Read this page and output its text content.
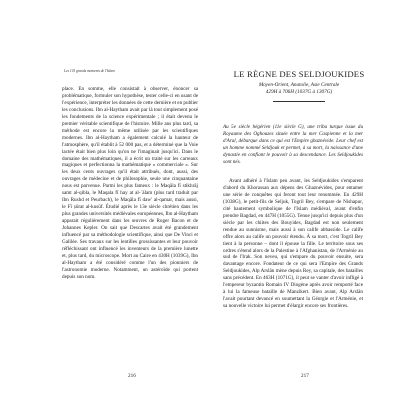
Les 101 grands moments de l'Islam

place. En somme, elle consistait à observer, énoncer sa problématique, formuler son hypothèse, tester celle-ci en usant de l'expérience, interpréter les données de cette dernière et en publier les conclusions. Ibn al-Haytham avait par là tout simplement posé les fondements de la science expérimentale ; il était devenu le premier véritable scientifique de l'histoire. Mille ans plus tard, sa méthode est encore la même utilisée par les scientifiques modernes. Ibn al-Haytham a également calculé la hauteur de l'atmosphère, qu'il établit à 52 000 pas, et a déterminé que la Voie lactée était bien plus loin qu'on ne l'imaginait jusqu'ici. Dans le domaine des mathématiques, il a écrit un traité sur les carreaux magiques et perfectionna la mathématique « commerciale ». Sur les deux cents ouvrages qu'il était attribués, dont, aussi, des ouvrages de médecine et de philosophie, seule une cinquantaine nous est parvenue. Parmi les plus fameux : le Maqāla fī stikhrāj samt al-qibla, le Maqala fī hay at al-ʿālam (plus tard traduit par Ibn Rushd et Peurbach), le Maqāla fī daw' al-qamar, mais aussi, le Fī ṣūrat al-kusūf. Étudié après le 13e siècle chrétien dans les plus grandes universités médiévales européennes, Ibn al-Haytham apparait régulièrement dans les œuvres de Roger Bacon et de Johannes Kepler. On sait que Descartes avait été grandement influencé par sa méthodologie scientifique, ainsi que De Vinci et Galilée. Ses travaux sur les lentilles grossissantes et leur pouvoir réfléchissant ont influencé les inventeurs de la première lunette et, plus tard, du microscope. Mort au Caire en 430H (1039G), Ibn al-Haytham a été considéré comme l'un des pionniers de l'astronomie moderne. Notamment, un astéroïde qui portent depuis son nom.

216
LE RÈGNE DES SELDJOUKIDES
Moyen-Orient, Anatolie, Asie Centrale
429H à 706H (1037G à 1307G)

Au 5e siècle hégérien (11e siècle G), une tribu turque issue du Royaume des Oghouzes située entre la mer Caspienne et la mer d'Aral, débarque dans ce qui est l'Empire ghaznévide. Leur chef est un homme nommé Seldjouk et permet, à sa mort, la naissance d'une dynastie en confiant le pouvoir à sa descendance. Les Seldjoukides sont nés.

Avant adhéré à l'Islam peu avant, les Seldjoukides s'emparent d'abord du Khorassan aux dépens des Ghaznévides, pour entamer une série de conquêtes qui feront tout leur renommée. En 429H (1038G), le petit-fils de Seljuk, Togril Bey, s'empare de Nishapur, cité hautement symbolique de l'Islam médiéval, avant d'enfin prendre Bagdad, en 447H (1055G). Tenue jusqu'ici depuis plus d'un siècle par les chiites des Bouyides, Bagdad est non seulement rendue au sunnisme, mais aussi à son calife abbasside. Le calife offre alors au calife un pouvoir étendu. À sa mort, c'est Togril Bey tient à la personne – dont il épouse la fille. Le territoire sous ses ordres s'étend alors de la Palestine à l'Afghanistan, de l'Arménie au sud de l'Irak. Son neveu, qui s'empare du pouvoir ensuite, sera davantage encore. Fondateur de ce qui sera l'Empire des Grands Seldjoukides, Alp Arslān mène depuis Rey, sa capitale, des batailles sans précédent. En 463H (1071G), il peut se vanter d'avoir infligé à l'empereur byzantin Romain IV Diogène après avoir remporté face à lui la fameuse bataille de Manzikert. Bien avant, Alp Arslān l'avait pourtant devancé en soumettant la Géorgie et l'Arménie, et sa nouvelle victoire lui permet d'élargir encore ses frontières.

217
